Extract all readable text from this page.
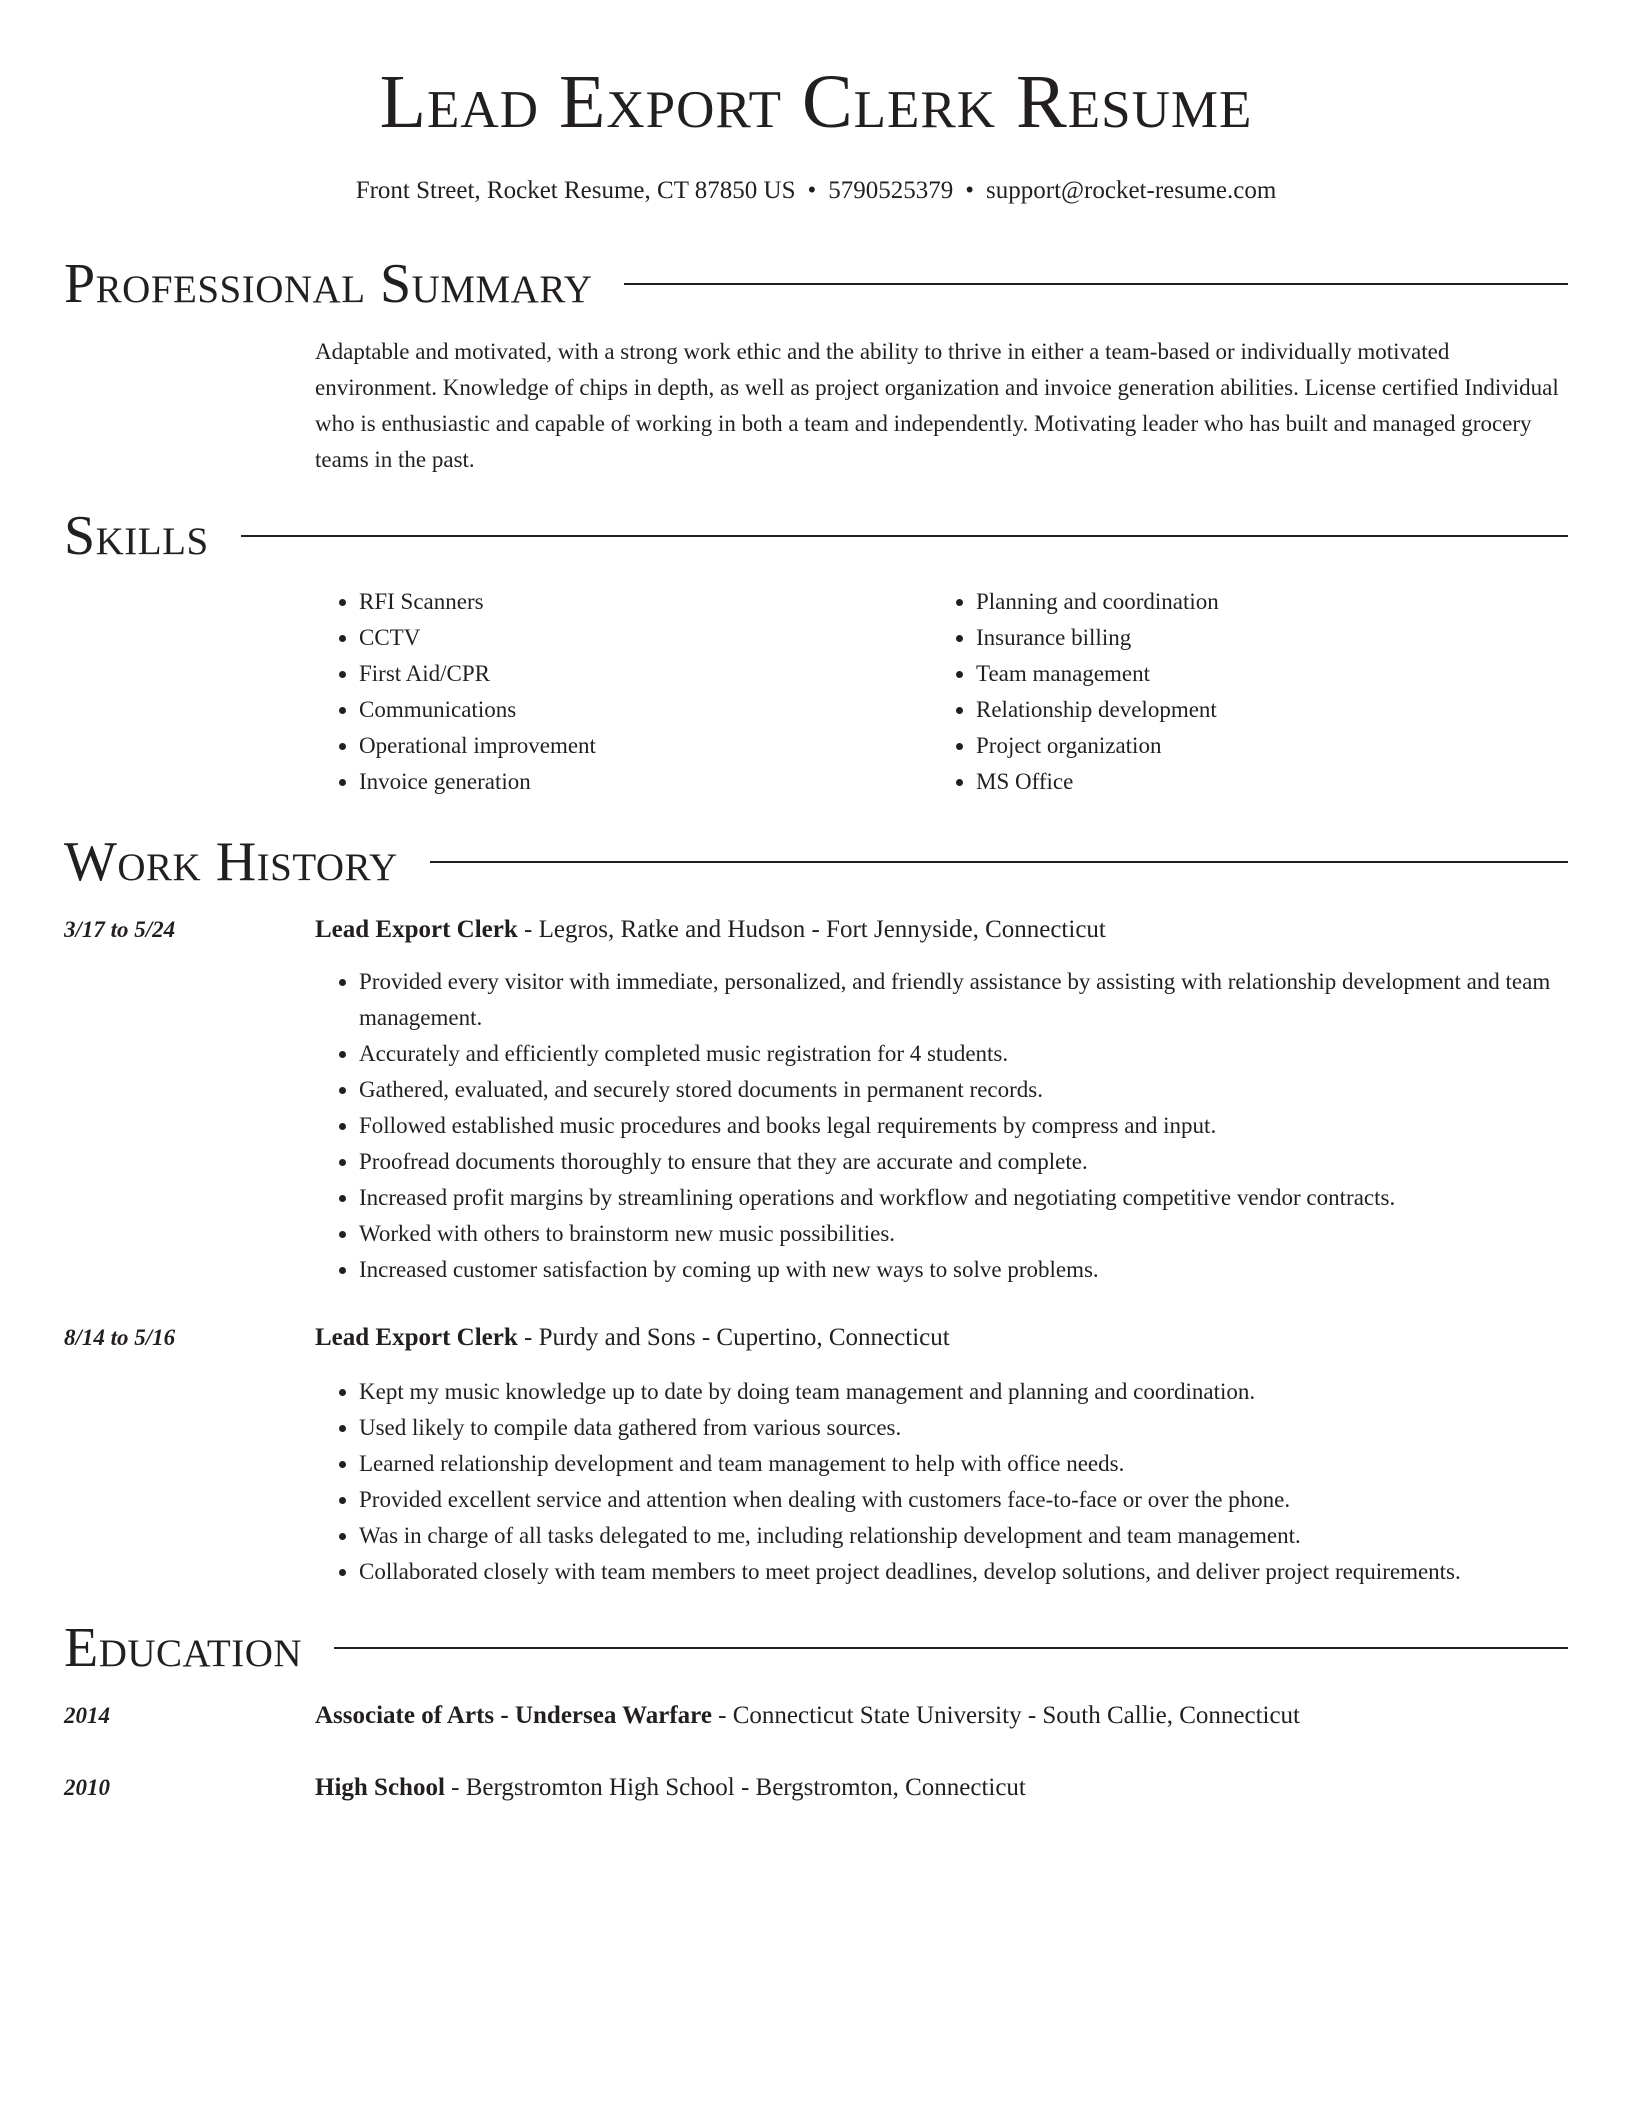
Lead Export Clerk Resume
Front Street, Rocket Resume, CT 87850 US • 5790525379 • support@rocket-resume.com
Professional Summary

Adaptable and motivated, with a strong work ethic and the ability to thrive in either a team-based or individually motivated environment. Knowledge of chips in depth, as well as project organization and invoice generation abilities. License certified Individual who is enthusiastic and capable of working in both a team and independently. Motivating leader who has built and managed grocery teams in the past.

Skills
• RFI Scanners
• CCTV
• First Aid/CPR
• Communications
• Operational improvement
• Invoice generation
• Planning and coordination
• Insurance billing
• Team management
• Relationship development
• Project organization
• MS Office
Work History
3/17 to 5/24	Lead Export Clerk - Legros, Ratke and Hudson - Fort Jennyside, Connecticut
• Provided every visitor with immediate, personalized, and friendly assistance by assisting with relationship development and team management.
• Accurately and efficiently completed music registration for 4 students.
• Gathered, evaluated, and securely stored documents in permanent records.
• Followed established music procedures and books legal requirements by compress and input.
• Proofread documents thoroughly to ensure that they are accurate and complete.
• Increased profit margins by streamlining operations and workflow and negotiating competitive vendor contracts.
• Worked with others to brainstorm new music possibilities.
• Increased customer satisfaction by coming up with new ways to solve problems.
8/14 to 5/16	Lead Export Clerk - Purdy and Sons - Cupertino, Connecticut
• Kept my music knowledge up to date by doing team management and planning and coordination.
• Used likely to compile data gathered from various sources.
• Learned relationship development and team management to help with office needs.
• Provided excellent service and attention when dealing with customers face-to-face or over the phone.
• Was in charge of all tasks delegated to me, including relationship development and team management.
• Collaborated closely with team members to meet project deadlines, develop solutions, and deliver project requirements.
Education
2014	Associate of Arts - Undersea Warfare - Connecticut State University - South Callie, Connecticut
2010	High School - Bergstromton High School - Bergstromton, Connecticut
